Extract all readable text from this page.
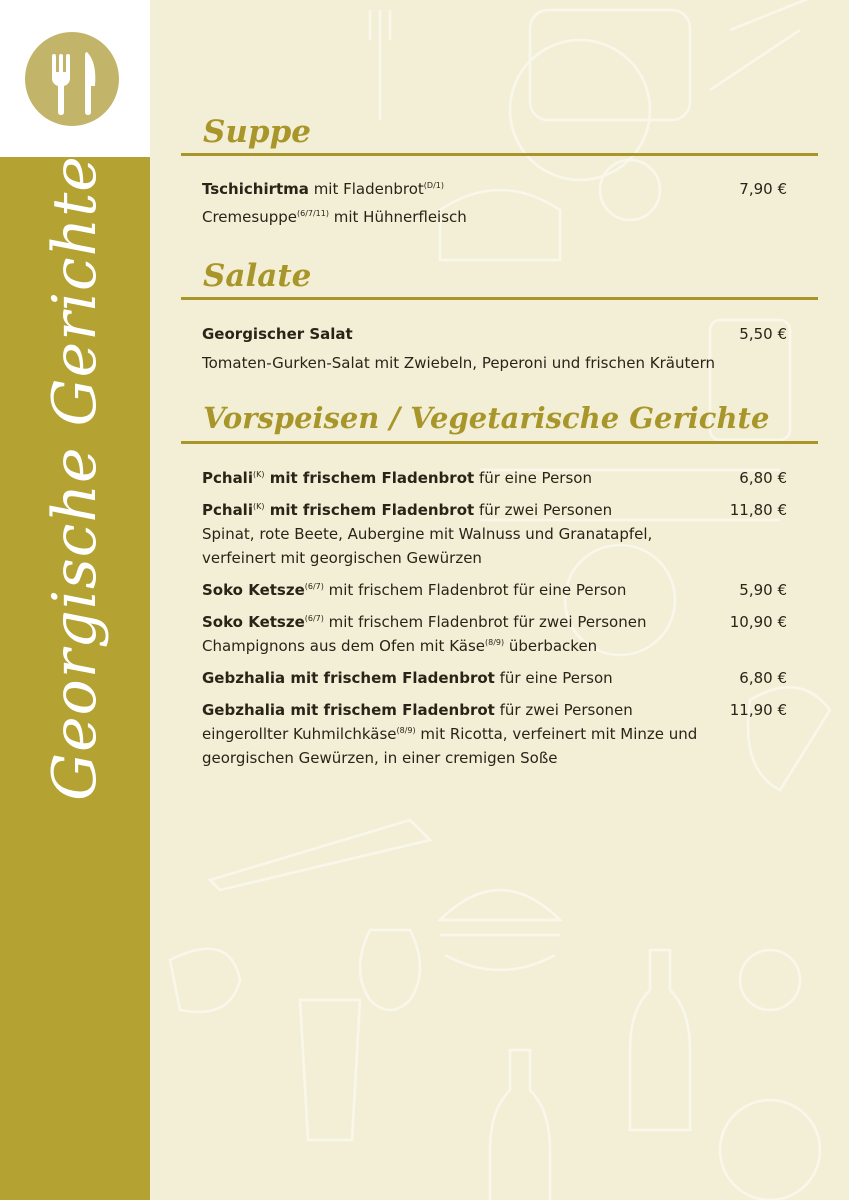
Georgische Gerichte
Suppe
Tschichirtma mit Fladenbrot$^{(D/1)}$	7,90 €
Cremesuppe$^{(6/7/11)}$ mit Hühnerfleisch
Salate
Georgischer Salat	5,50 €
Tomaten-Gurken-Salat mit Zwiebeln, Peperoni und frischen Kräutern
Vorspeisen / Vegetarische Gerichte
Pchali$^{(K)}$ mit frischem Fladenbrot für eine Person	6,80 €
Pchali$^{(K)}$ mit frischem Fladenbrot für zwei Personen	11,80 €
Spinat, rote Beete, Aubergine mit Walnuss und Granatapfel, verfeinert mit georgischen Gewürzen
Soko Ketsze$^{(6/7)}$ mit frischem Fladenbrot für eine Person	5,90 €
Soko Ketsze$^{(6/7)}$ mit frischem Fladenbrot für zwei Personen	10,90 €
Champignons aus dem Ofen mit Käse$^{(8/9)}$ überbacken
Gebzhalia mit frischem Fladenbrot für eine Person	6,80 €
Gebzhalia mit frischem Fladenbrot für zwei Personen	11,90 €
eingerollter Kuhmilchkäse$^{(8/9)}$ mit Ricotta, verfeinert mit Minze und georgischen Gewürzen, in einer cremigen Soße
